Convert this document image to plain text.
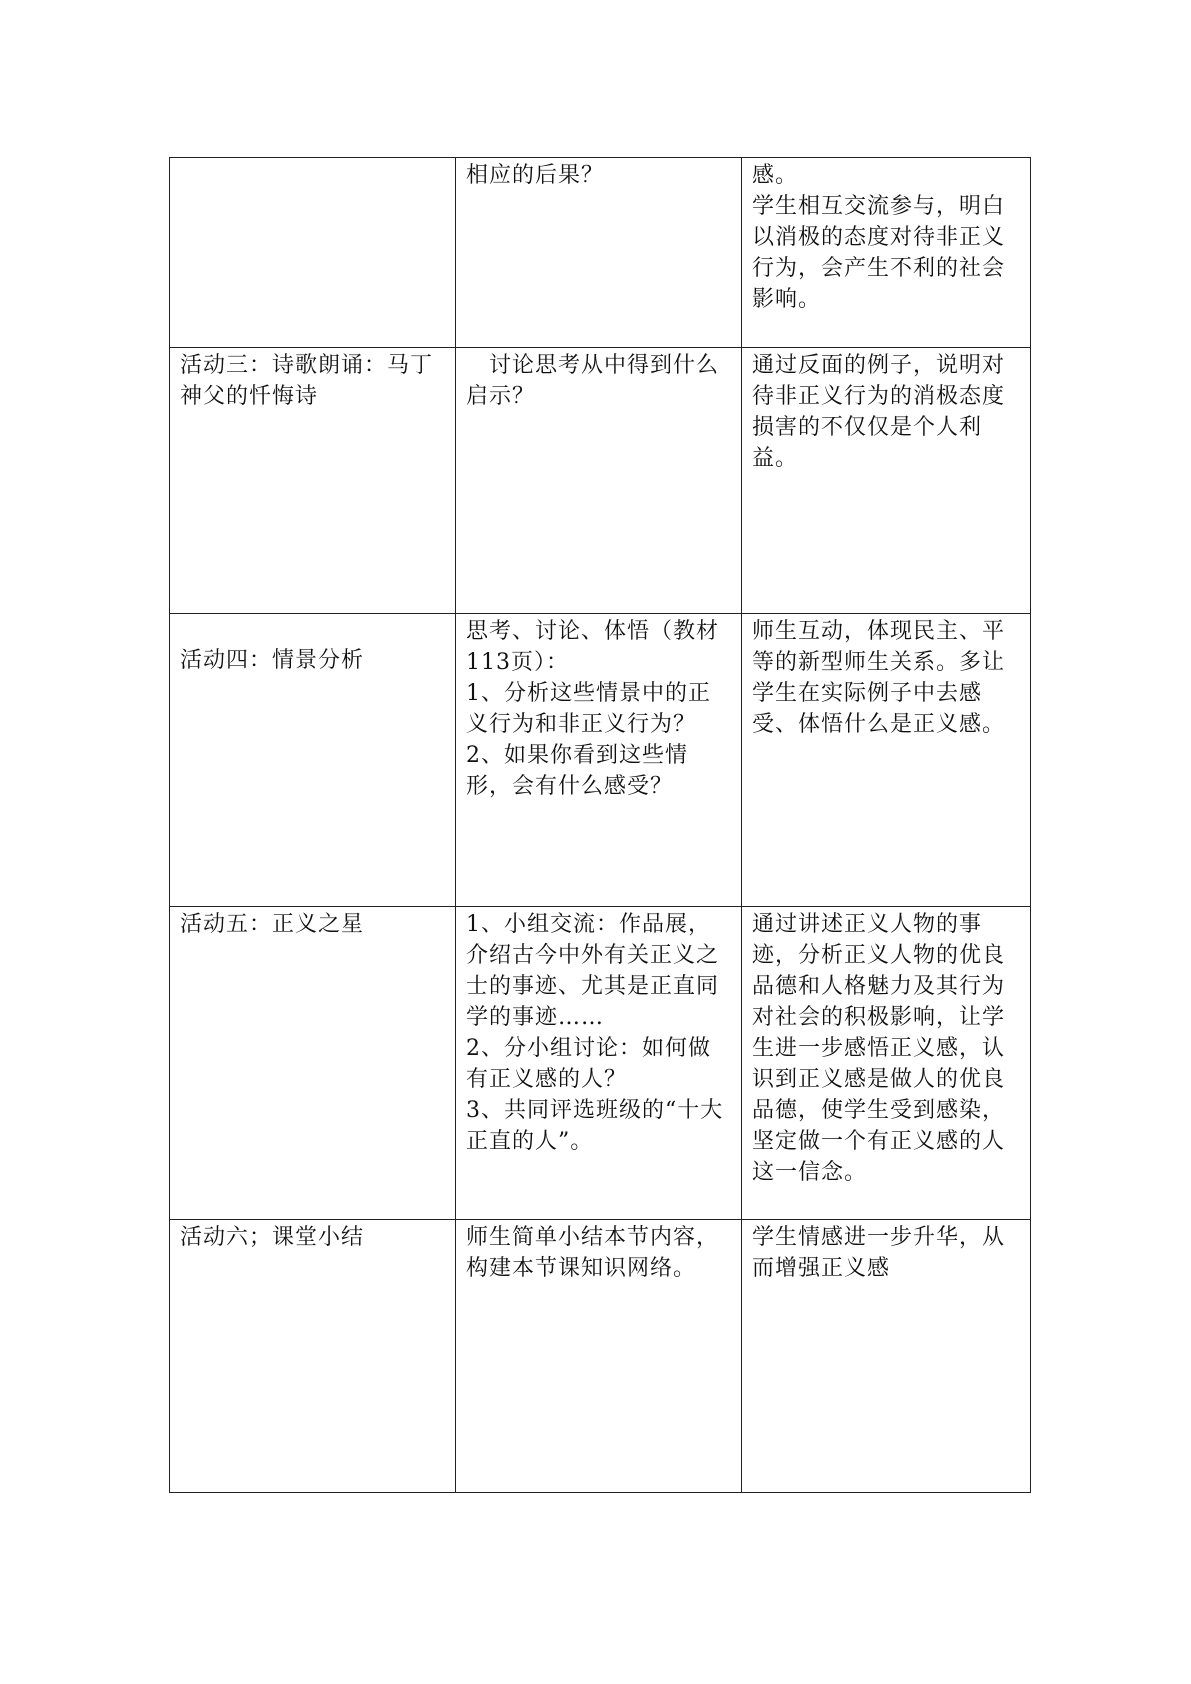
	相应的后果？	感。
学生相互交流参与，明白以消极的态度对待非正义行为，会产生不利的社会影响。

活动三：诗歌朗诵：马丁神父的忏悔诗	　讨论思考从中得到什么启示？	通过反面的例子，说明对待非正义行为的消极态度损害的不仅仅是个人利益。

活动四：情景分析	思考、讨论、体悟（教材113页）：
1、分析这些情景中的正义行为和非正义行为？
2、如果你看到这些情形，会有什么感受？	师生互动，体现民主、平等的新型师生关系。多让学生在实际例子中去感受、体悟什么是正义感。

活动五：正义之星	1、小组交流：作品展，介绍古今中外有关正义之士的事迹、尤其是正直同学的事迹……
2、分小组讨论：如何做有正义感的人？
3、共同评选班级的“十大正直的人”。	通过讲述正义人物的事迹，分析正义人物的优良品德和人格魅力及其行为对社会的积极影响，让学生进一步感悟正义感，认识到正义感是做人的优良品德，使学生受到感染，坚定做一个有正义感的人这一信念。

活动六；课堂小结	师生简单小结本节内容，构建本节课知识网络。	学生情感进一步升华，从而增强正义感
